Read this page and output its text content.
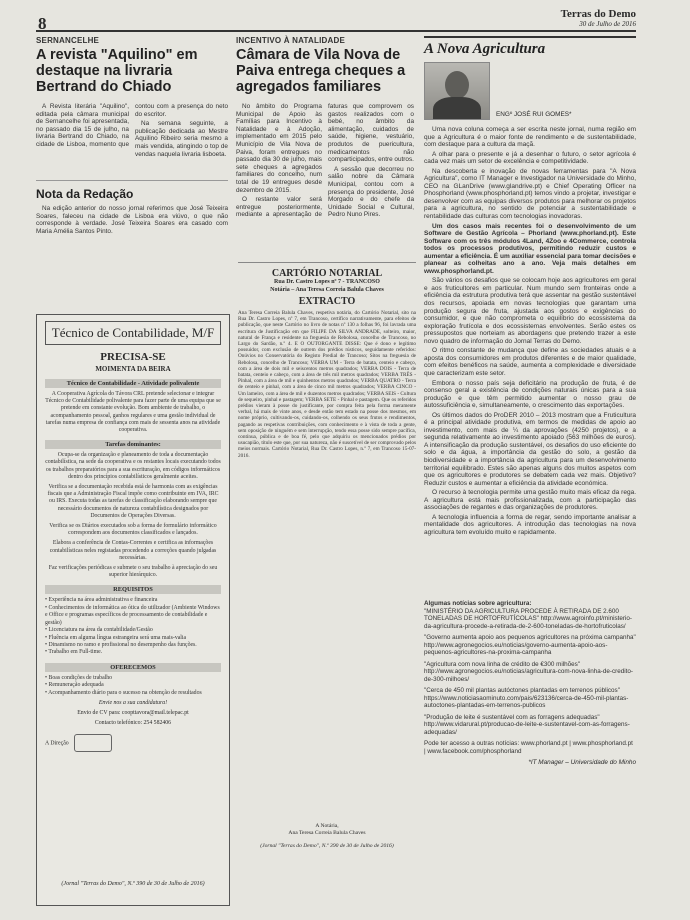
8	Terras do Demo
30 de Julho de 2016
SERNANCELHE
A revista "Aquilino" em destaque na livraria Bertrand do Chiado

A Revista literária "Aquilino", editada pela câmara municipal de Sernancelhe foi apresentada, no passado dia 15 de julho, na livraria Bertrand do Chiado, na cidade de Lisboa, momento que contou com a presença do neto do escritor.

Na semana seguinte, a publicação dedicada ao Mestre Aquilino Ribeiro seria mesmo a mais vendida, atingindo o top de vendas naquela livraria lisboeta.

Nota da Redação

Na edição anterior do nosso jornal referimos que José Teixeira Soares, faleceu na cidade de Lisboa era viúvo, o que não corresponde à verdade. José Teixeira Soares era casado com Maria Amélia Santos Pinto.

Técnico de Contabilidade, M/F
PRECISA-SE
MOIMENTA DA BEIRA
Técnico de Contabilidade - Atividade polivalente
A Cooperativa Agrícola do Távora CRL pretende selecionar e integrar Técnico de Contabilidade polivalente para fazer parte de uma equipa que se pretende em constante evolução. Bom ambiente de trabalho, o acompanhamento pessoal, ganhos regulares e uma gestão individual de tarefas numa empresa de confiança com mais de sessenta anos na atividade cooperativa.
Tarefas dominantes:

Ocupa-se da organização e planeamento de toda a documentação contabilística, na sede da cooperativa e os restantes locais executando todos os trabalhos preparatórios para a sua escrituração, em códigos informáticos dentro dos princípios contabilísticos geralmente aceites.

Verifica se a documentação recebida está de harmonia com as exigências fiscais que a Administração Fiscal impõe como contribuinte em IVA, IRC ou IRS. Executa todas as tarefas de classificação elaborando sempre que necessário documentos de natureza contabilística designados por Documentos de Operações Diversas.

Verifica se os Diários executados sob a forma de formulário informático correspondem aos documentos classificados e lançados.

Elabora a conferência de Contas-Correntes e certifica as informações contabilísticas neles registadas procedendo a correções quando julgadas necessárias.

Faz verificações periódicas e submete o seu trabalho à apreciação do seu superior hierárquico.

REQUISITOS
• Experiência na área administrativa e financeira
• Conhecimentos de informática ao ótica do utilizador (Ambiente Windows e Office e programas específicos de processamento de contabilidade e gestão)
• Licenciatura na área da contabilidade/Gestão
• Fluência em alguma língua estrangeira será uma mais-valia
• Dinamismo no ramo e profissional no desempenho das funções.
• Trabalho em Full-time.
OFERECEMOS
• Boas condições de trabalho
• Remuneração adequada
• Acompanhamento diário para o sucesso na obtenção de resultados
Envie nos a sua candidatura!
Envio de CV para: coopttavora@mail.telepac.pt
Contacto telefónico: 254 582406
A Direção
(Jornal "Terras do Demo", N.º 390 de 30 de Julho de 2016)
INCENTIVO À NATALIDADE
Câmara de Vila Nova de Paiva entrega cheques a agregados familiares

No âmbito do Programa Municipal de Apoio às Famílias para Incentivo à Natalidade e à Adoção, implementado em 2015 pelo Município de Vila Nova de Paiva, foram entregues no passado dia 30 de julho, mais sete cheques a agregados familiares do concelho, num total de 19 entregues desde dezembro de 2015.

O restante valor será entregue posteriormente, mediante a apresentação de faturas que comprovem os gastos realizados com o bebé, no âmbito da alimentação, cuidados de saúde, higiene, vestuário, produtos de puericultura, medicamentos não comparticipados, entre outros.

A sessão que decorreu no salão nobre da Câmara Municipal, contou com a presença do presidente, José Morgado e do chefe da Unidade Social e Cultural, Pedro Nuno Pires.

CARTÓRIO NOTARIAL
Rua Dr. Castro Lopes nº 7 - TRANCOSO
Notária – Ana Teresa Correia Balula Chaves
EXTRACTO
Ana Teresa Correia Balula Chaves, respetiva notária, do Cartório Notarial, sito na Rua Dr. Castro Lopes, nº 7, em Trancoso, certifico narrativamente, para efeitos de publicação, que neste Cartório no livro de notas nº 130 a folhas 96, foi lavrada uma escritura de Justificação em que FILIPE DA SILVA ANDRADE, solteiro, maior, natural de França e residente na freguesia de Rebolosa, concelho de Trancoso, no Largo do Sardão, n.º 4. E O OUTORGANTE DISSE: Que é dono e legítimo possuidor, com exclusão de outrem dos prédios rústicos, seguidamente referidos: Onúvios no Conservatória do Registo Predial de Trancoso; Sitos na freguesia de Rebolosa, concelho de Trancoso; VERBA UM - Terra de batata, centeio e cabeço, com a área de dois mil e seiscentos metros quadrados; VERBA DOIS - Terra de batata, centeio e cabeço, com a área de três mil metros quadrados; VERBA TRÊS - Pinhal, com a área de mil e quinhentos metros quadrados; VERBA QUATRO - Terra de centeio e pinhal, com a área de cinco mil metros quadrados; VERBA CINCO - Um lameiro, com a área de mil e duzentos metros quadrados; VERBA SEIS - Cultura de sequeiro, pinhal e pastagem; VERBA SETE - Pinhal e pastagem. Que os referidos prédios vieram à posse do justificante, por compra feita pela forma meramente verbal, há mais de vinte anos, e desde então tem estado na posse dos mesmos, em nome próprio, cultivando-os, cuidando-os, colhendo os seus frutos e rendimentos, pagando as respetivas contribuições, com conhecimento e à vista de toda a gente, sem oposição de ninguém e sem interrupção, tendo essa posse sido sempre pacífica, contínua, pública e de boa fé, pelo que adquiriu os mencionados prédios por usucapião, título este que, por sua natureza, não é suscetível de ser comprovado pelos meios normais. Cartório Notarial, Rua Dr. Castro Lopes, n.º 7, em Trancoso 15-07-2016.
A Notária,
Ana Teresa Correia Balula Chaves
(Jornal "Terras do Demo", N.º 390 de 30 de Julho de 2016)
A Nova Agricultura
ENGº JOSÉ RUI GOMES*

Uma nova coluna começa a ser escrita neste jornal, numa região em que a Agricultura é o maior fonte de rendimento e de sustentabilidade, com destaque para a cultura da maçã.

A olhar para o presente e já a desenhar o futuro, o setor agrícola é cada vez mais um setor de excelência e competitividade.

Na descoberta e inovação de novas ferramentas para "A Nova Agricultura", como IT Manager e Investigador na Universidade do Minho, CEO na GLanDrive (www.glandrive.pt) e Chief Operating Officer na Phosphorland (www.phosphorland.pt) temos vindo a projetar, investigar e desenvolver com as equipas diversos produtos para melhorar os projetos para a agricultura, no sentido de potenciar a sustentabilidade e rentabilidade das culturas com tecnologias inovadoras.

Um dos casos mais recentes foi o desenvolvimento de um Software de Gestão Agrícola – Phorland (www.phorland.pt). Este Software com os três módulos 4Land, 4Zoo e 4Commerce, controla todos os processos produtivos, permitindo reduzir custos e aumentar a eficiência. É um auxiliar essencial para tomar decisões e planear as colheitas ano a ano. Veja mais detalhes em www.phosphorland.pt.

São vários os desafios que se colocam hoje aos agricultores em geral e aos fruticultores em particular. Num mundo sem fronteiras onde a eficiência da estrutura produtiva terá que assentar na gestão sustentável dos recursos, apoiada em novas tecnologias que garantam uma produção segura de fruta, ajustada aos gostos e exigências do consumidor, e que não comprometa o equilíbrio do ecossistema da exploração frutícola e dos ecossistemas envolventes. Serão estes os pressupostos que norteiam as abordagens que pretendo trazer a este novo quadro de informação do Jornal Terras do Demo.

O ritmo constante de mudança que define as sociedades atuais e a aposta dos consumidores em produtos diferentes e de maior qualidade, com efeitos benéficos na saúde, aumenta a complexidade e diversidade que caracterizam este setor.

Embora o nosso país seja deficitário na produção de fruta, é de consenso geral a existência de condições naturais únicas para a sua produção e que têm permitido aumentar o nosso grau de autossuficiência e, simultaneamente, o crescimento das exportações.

Os últimos dados do ProDER 2010 – 2013 mostram que a Fruticultura é a principal atividade produtiva, em termos de medidas de apoio ao investimento, com mais de ¼ da aprovações (4250 projetos), e a segunda relativamente ao investimento apoiado (563 milhões de euros). A intensificação da produção sustentável, os desafios do uso eficiente do solo e da água, a importância da gestão do solo, a gestão da biodiversidade e a importância da agricultura para um desenvolvimento territorial equilibrado. Estes são apenas alguns dos muitos aspetos com que os agricultores e produtores se debatem cada vez mais. Objetivo? Reduzir custos e aumentar a eficiência da atividade económica.

O recurso à tecnologia permite uma gestão muito mais eficaz da rega. A agricultura está mais profissionalizada, com a participação das associações de regantes e das organizações de produtores.

A tecnologia influencia a forma de regar, sendo importante analisar a mentalidade dos agricultores. A introdução das tecnologias na nova agricultura tem evoluído muito e rapidamente.

Algumas notícias sobre agricultura:

"MINISTÉRIO DA AGRICULTURA PROCEDE À RETIRADA DE 2.600 TONELADAS DE HORTOFRUTÍCOLAS" http://www.agroinfo.pt/ministerio-da-agricultura-procede-a-retirada-de-2-600-toneladas-de-hortofruticolas/

"Governo aumenta apoio aos pequenos agricultores na próxima campanha" http://www.agronegocios.eu/noticias/governo-aumenta-apoio-aos-pequenos-agricultores-na-proxima-campanha

"Agricultura com nova linha de crédito de €300 milhões" http://www.agronegocios.eu/noticias/agricultura-com-nova-linha-de-credito-de-300-milhoes/

"Cerca de 450 mil plantas autóctones plantadas em terrenos públicos" https://www.noticiasaominuto.com/pais/623136/cerca-de-450-mil-plantas-autoctones-plantadas-em-terrenos-publicos

"Produção de leite é sustentável com as forragens adequadas" http://www.vidarural.pt/producao-de-leite-e-sustentavel-com-as-forragens-adequadas/

Pode ter acesso a outras notícias: www.phorland.pt | www.phosphorland.pt | www.facebook.com/phosphorland

*IT Manager – Universidade do Minho
